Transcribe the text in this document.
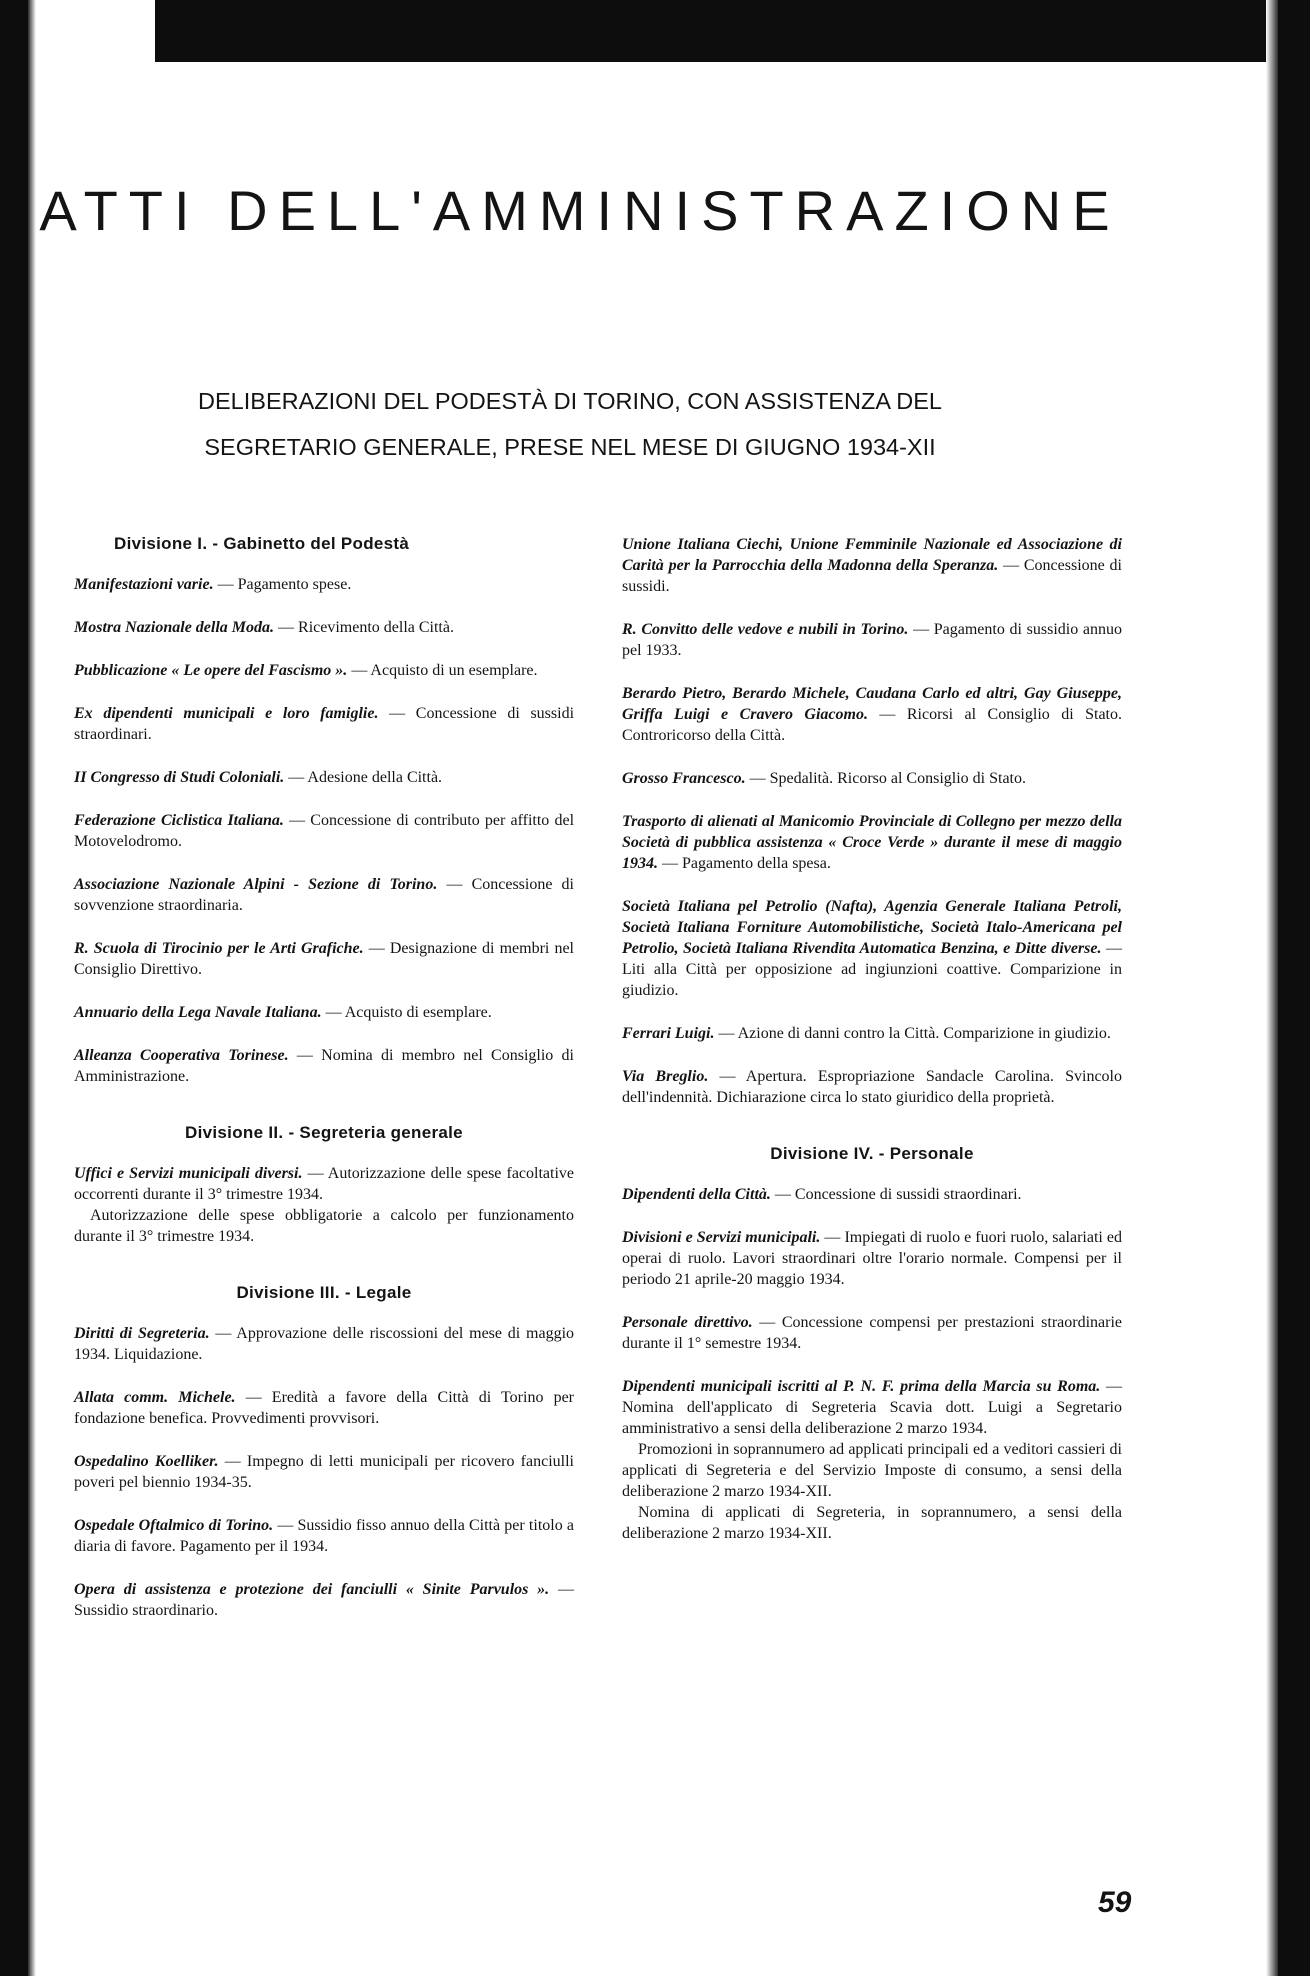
ATTI DELL'AMMINISTRAZIONE
DELIBERAZIONI DEL PODESTÀ DI TORINO, CON ASSISTENZA DEL
SEGRETARIO GENERALE, PRESE NEL MESE DI GIUGNO 1934-XII
Divisione I. - Gabinetto del Podestà

Manifestazioni varie. — Pagamento spese.

Mostra Nazionale della Moda. — Ricevimento della Città.

Pubblicazione « Le opere del Fascismo ». — Acquisto di un esemplare.

Ex dipendenti municipali e loro famiglie. — Concessione di sussidi straordinari.

II Congresso di Studi Coloniali. — Adesione della Città.

Federazione Ciclistica Italiana. — Concessione di contributo per affitto del Motovelodromo.

Associazione Nazionale Alpini - Sezione di Torino. — Concessione di sovvenzione straordinaria.

R. Scuola di Tirocinio per le Arti Grafiche. — Designazione di membri nel Consiglio Direttivo.

Annuario della Lega Navale Italiana. — Acquisto di esemplare.

Alleanza Cooperativa Torinese. — Nomina di membro nel Consiglio di Amministrazione.

Divisione II. - Segreteria generale

Uffici e Servizi municipali diversi. — Autorizzazione delle spese facoltative occorrenti durante il 3° trimestre 1934.
Autorizzazione delle spese obbligatorie a calcolo per funzionamento durante il 3° trimestre 1934.

Divisione III. - Legale

Diritti di Segreteria. — Approvazione delle riscossioni del mese di maggio 1934. Liquidazione.

Allata comm. Michele. — Eredità a favore della Città di Torino per fondazione benefica. Provvedimenti provvisori.

Ospedalino Koelliker. — Impegno di letti municipali per ricovero fanciulli poveri pel biennio 1934-35.

Ospedale Oftalmico di Torino. — Sussidio fisso annuo della Città per titolo a diaria di favore. Pagamento per il 1934.

Opera di assistenza e protezione dei fanciulli « Sinite Parvulos ». — Sussidio straordinario.

Unione Italiana Ciechi, Unione Femminile Nazionale ed Associazione di Carità per la Parrocchia della Madonna della Speranza. — Concessione di sussidi.

R. Convitto delle vedove e nubili in Torino. — Pagamento di sussidio annuo pel 1933.

Berardo Pietro, Berardo Michele, Caudana Carlo ed altri, Gay Giuseppe, Griffa Luigi e Cravero Giacomo. — Ricorsi al Consiglio di Stato. Controricorso della Città.

Grosso Francesco. — Spedalità. Ricorso al Consiglio di Stato.

Trasporto di alienati al Manicomio Provinciale di Collegno per mezzo della Società di pubblica assistenza « Croce Verde » durante il mese di maggio 1934. — Pagamento della spesa.

Società Italiana pel Petrolio (Nafta), Agenzia Generale Italiana Petroli, Società Italiana Forniture Automobilistiche, Società Italo-Americana pel Petrolio, Società Italiana Rivendita Automatica Benzina, e Ditte diverse. — Liti alla Città per opposizione ad ingiunzioni coattive. Comparizione in giudizio.

Ferrari Luigi. — Azione di danni contro la Città. Comparizione in giudizio.

Via Breglio. — Apertura. Espropriazione Sandacle Carolina. Svincolo dell'indennità. Dichiarazione circa lo stato giuridico della proprietà.

Divisione IV. - Personale

Dipendenti della Città. — Concessione di sussidi straordinari.

Divisioni e Servizi municipali. — Impiegati di ruolo e fuori ruolo, salariati ed operai di ruolo. Lavori straordinari oltre l'orario normale. Compensi per il periodo 21 aprile-20 maggio 1934.

Personale direttivo. — Concessione compensi per prestazioni straordinarie durante il 1° semestre 1934.

Dipendenti municipali iscritti al P. N. F. prima della Marcia su Roma. — Nomina dell'applicato di Segreteria Scavia dott. Luigi a Segretario amministrativo a sensi della deliberazione 2 marzo 1934.
Promozioni in soprannumero ad applicati principali ed a veditori cassieri di applicati di Segreteria e del Servizio Imposte di consumo, a sensi della deliberazione 2 marzo 1934-XII.
Nomina di applicati di Segreteria, in soprannumero, a sensi della deliberazione 2 marzo 1934-XII.

59
